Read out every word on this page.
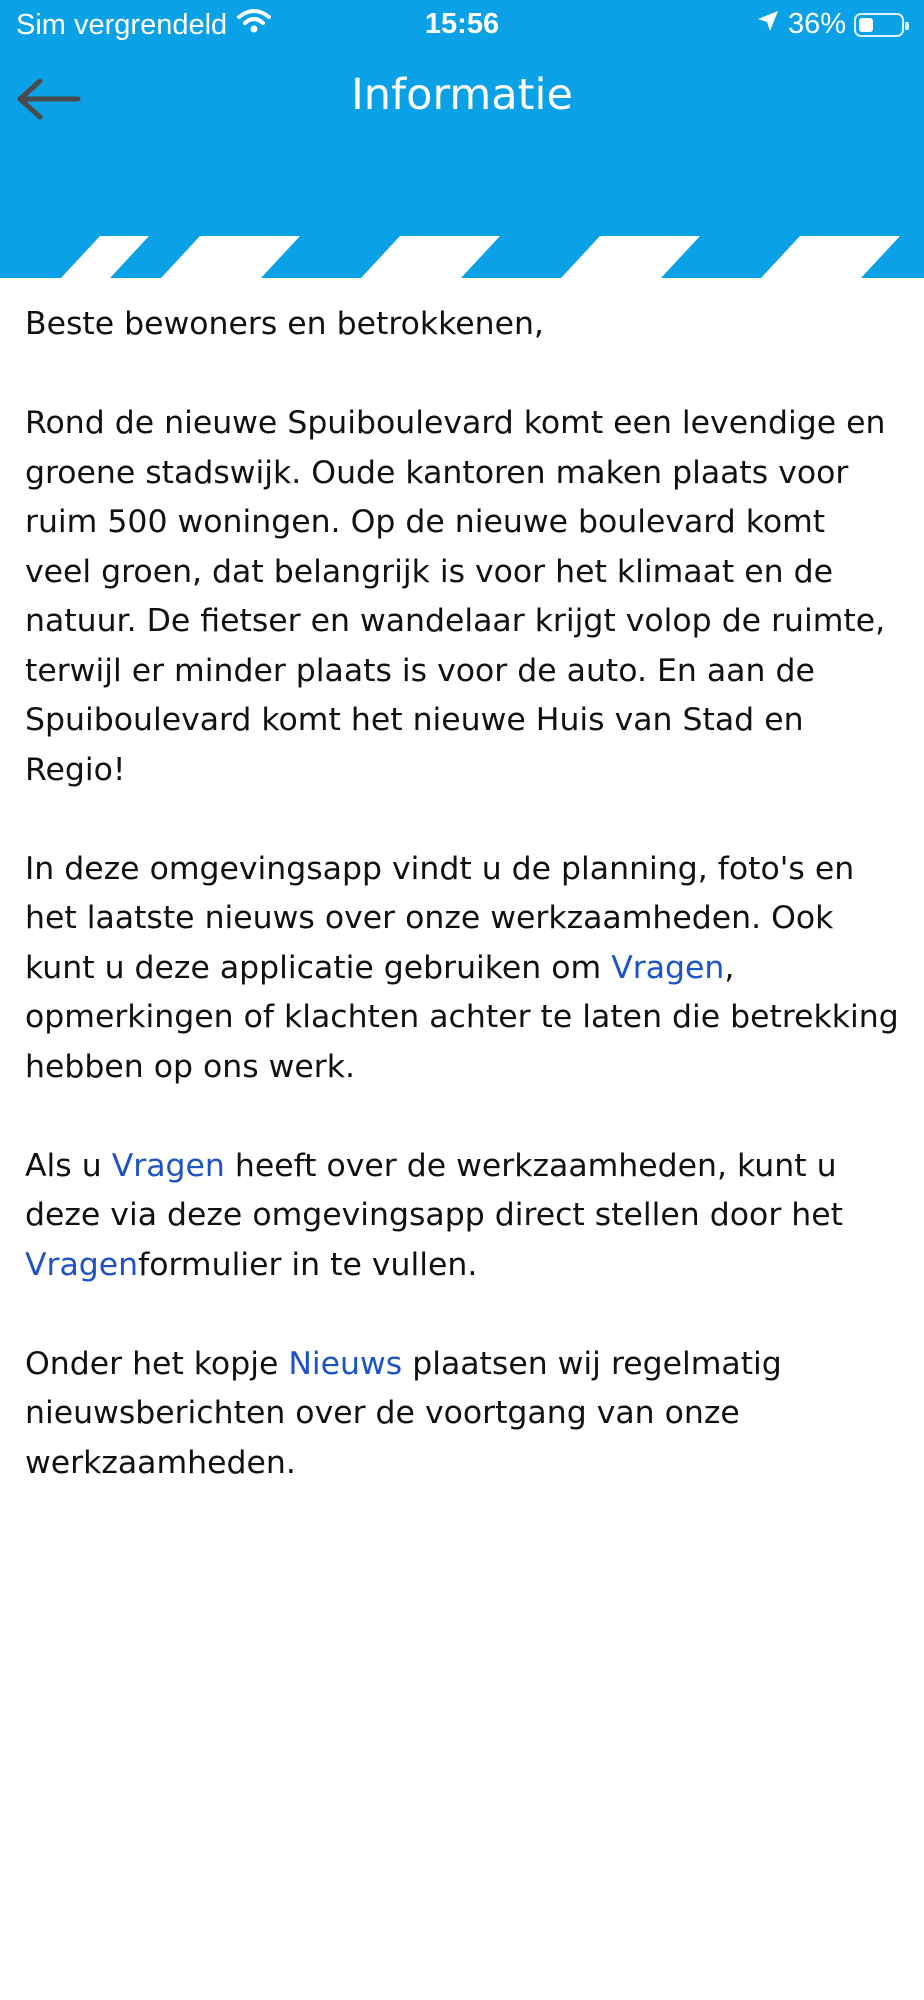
Sim vergrendeld	15:56	36%
Informatie

Beste bewoners en betrokkenen,

Rond de nieuwe Spuiboulevard komt een levendige en groene stadswijk. Oude kantoren maken plaats voor ruim 500 woningen. Op de nieuwe boulevard komt veel groen, dat belangrijk is voor het klimaat en de natuur. De fietser en wandelaar krijgt volop de ruimte, terwijl er minder plaats is voor de auto. En aan de Spuiboulevard komt het nieuwe Huis van Stad en Regio!

In deze omgevingsapp vindt u de planning, foto's en het laatste nieuws over onze werkzaamheden. Ook kunt u deze applicatie gebruiken om Vragen, opmerkingen of klachten achter te laten die betrekking hebben op ons werk.

Als u Vragen heeft over de werkzaamheden, kunt u deze via deze omgevingsapp direct stellen door het Vragenformulier in te vullen.

Onder het kopje Nieuws plaatsen wij regelmatig nieuwsberichten over de voortgang van onze werkzaamheden.
